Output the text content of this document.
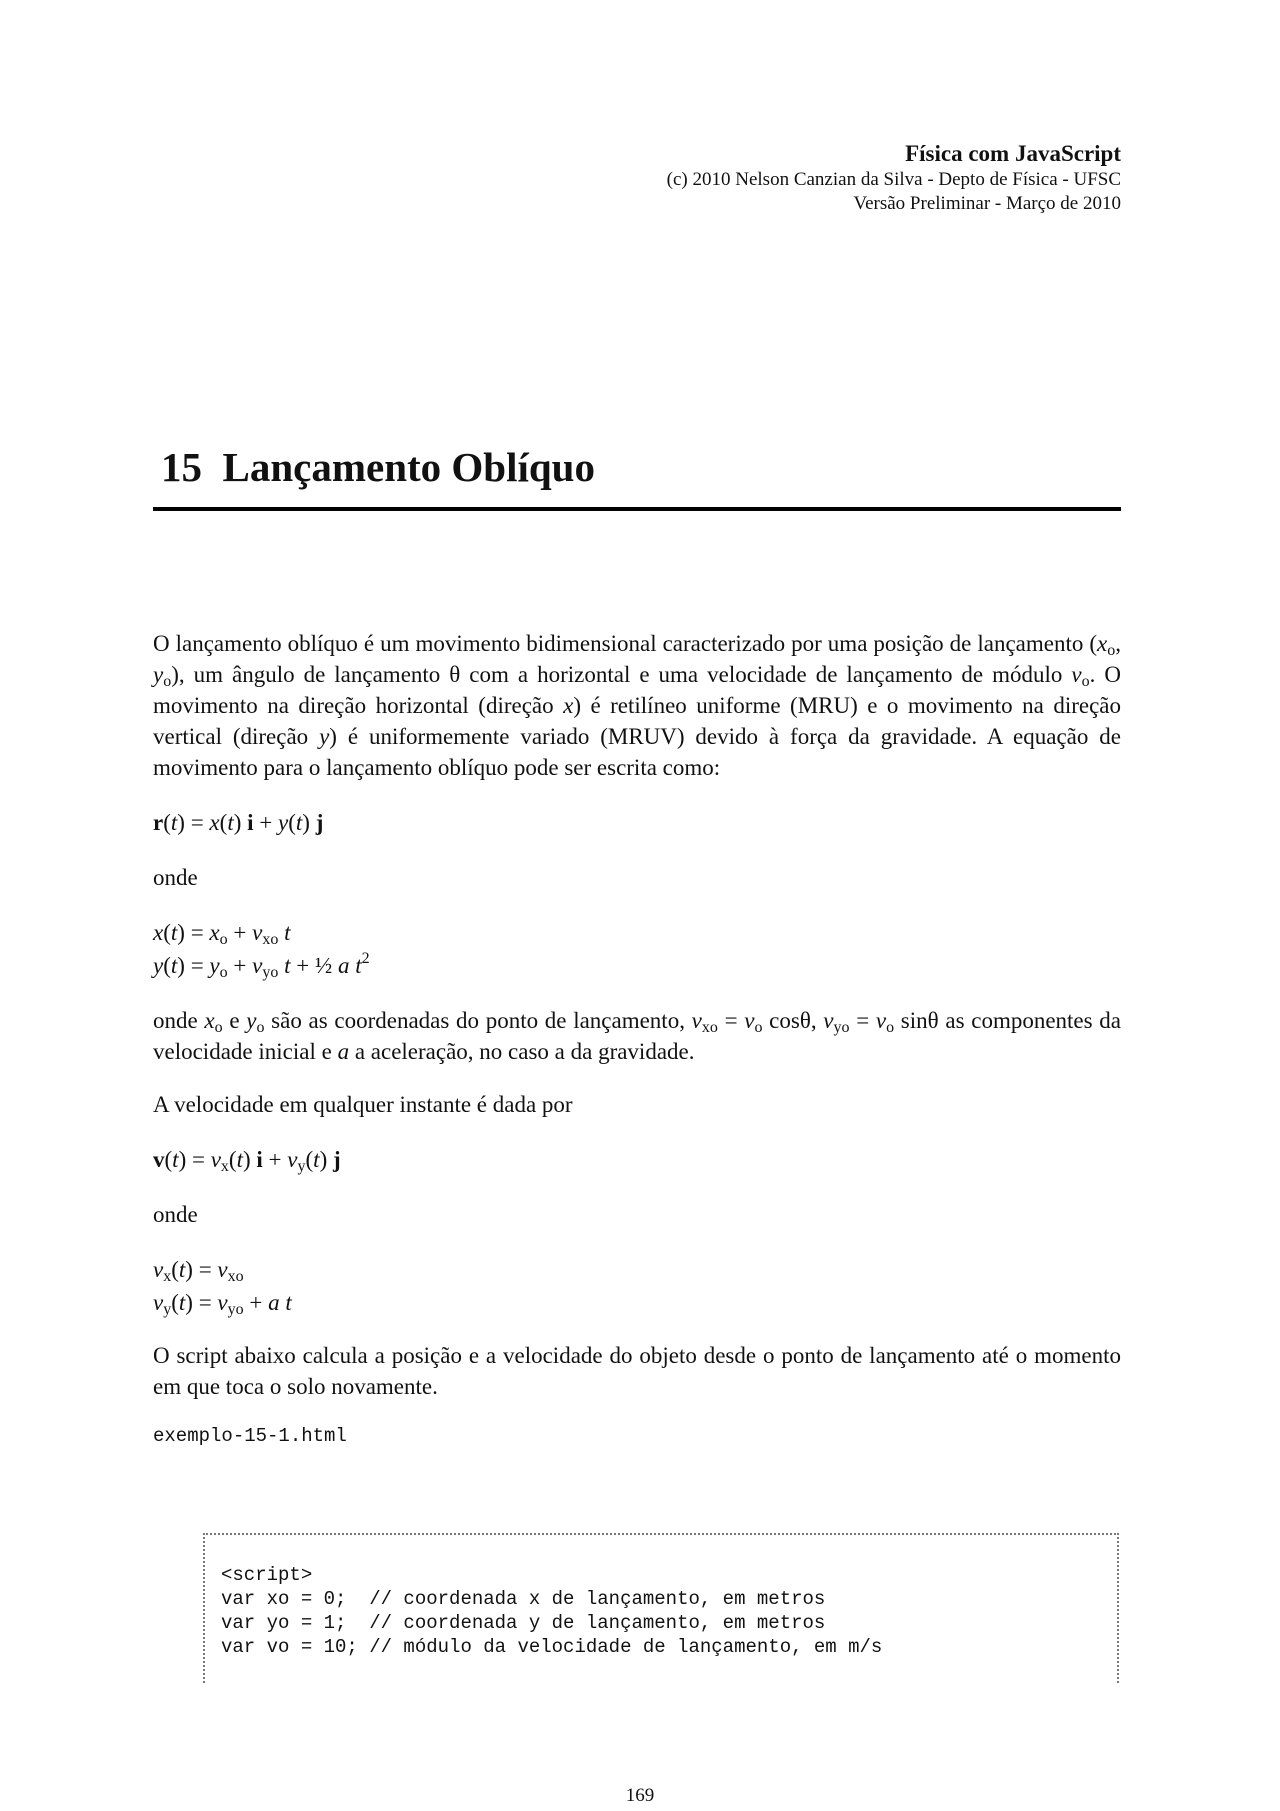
Física com JavaScript
(c) 2010 Nelson Canzian da Silva - Depto de Física - UFSC
Versão Preliminar - Março de 2010
15 Lançamento Oblíquo

O lançamento oblíquo é um movimento bidimensional caracterizado por uma posição de lançamento ($x_o$, $y_o$), um ângulo de lançamento θ com a horizontal e uma velocidade de lançamento de módulo $v_o$. O movimento na direção horizontal (direção x) é retilíneo uniforme (MRU) e o movimento na direção vertical (direção y) é uniformemente variado (MRUV) devido à força da gravidade. A equação de movimento para o lançamento oblíquo pode ser escrita como:

r(t) = x(t) i + y(t) j

onde

$x(t) = x_o + v_{xo}$ t

$y(t) = y_o + v_{yo}$ t + ½ a $t^2$

onde $x_o$ e $y_o$ são as coordenadas do ponto de lançamento, $v_{xo} = v_o$ cosθ, $v_{yo} = v_o$ sinθ as componentes da velocidade inicial e a a aceleração, no caso a da gravidade.

A velocidade em qualquer instante é dada por

$v(t) = v_x(t) i + v_y(t)$ j

onde

$v_x(t) = v_{xo}$

$v_y(t) = v_{yo} + a$ t

O script abaixo calcula a posição e a velocidade do objeto desde o ponto de lançamento até o momento em que toca o solo novamente.

exemplo-15-1.html

<script>
var xo = 0;  // coordenada x de lançamento, em metros
var yo = 1;  // coordenada y de lançamento, em metros
var vo = 10; // módulo da velocidade de lançamento, em m/s
169
